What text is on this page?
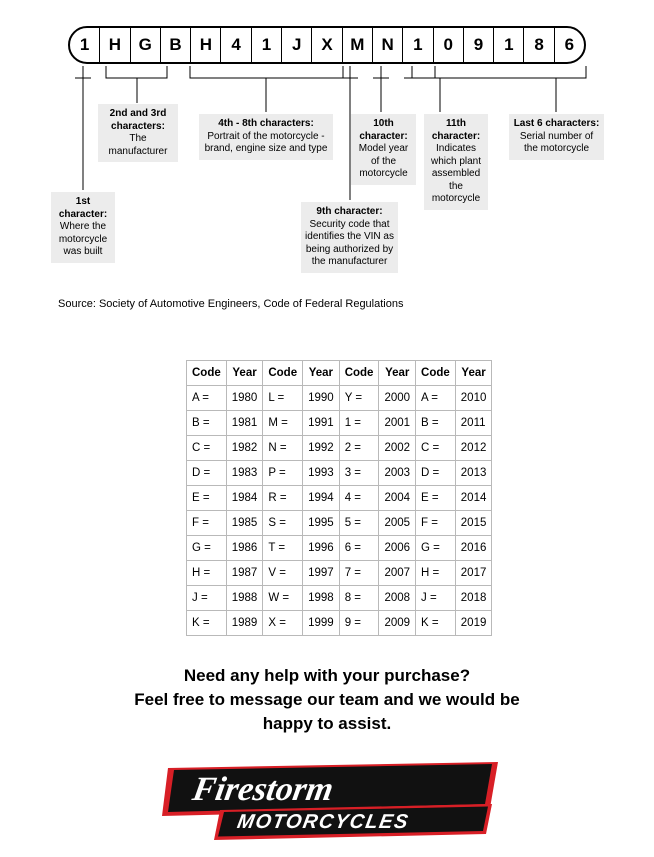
1	H	G	B	H	4	1	J	X	M	N	1	0	9	1	8	6
1st character:
Where the motorcycle was built
2nd and 3rd characters:
The manufacturer
4th - 8th characters:
Portrait of the motorcycle - brand, engine size and type
9th character:
Security code that identifies the VIN as being authorized by the manufacturer
10th character:
Model year of the motorcycle
11th character:
Indicates which plant assembled the motorcycle
Last 6 characters:
Serial number of the motorcycle
Source: Society of Automotive Engineers, Code of Federal Regulations
Code	Year	Code	Year	Code	Year	Code	Year
A =	1980	L =	1990	Y =	2000	A =	2010
B =	1981	M =	1991	1 =	2001	B =	2011
C =	1982	N =	1992	2 =	2002	C =	2012
D =	1983	P =	1993	3 =	2003	D =	2013
E =	1984	R =	1994	4 =	2004	E =	2014
F =	1985	S =	1995	5 =	2005	F =	2015
G =	1986	T =	1996	6 =	2006	G =	2016
H =	1987	V =	1997	7 =	2007	H =	2017
J =	1988	W =	1998	8 =	2008	J =	2018
K =	1989	X =	1999	9 =	2009	K =	2019
Need any help with your purchase?
Feel free to message our team and we would be
happy to assist.
Firestorm
MOTORCYCLES
